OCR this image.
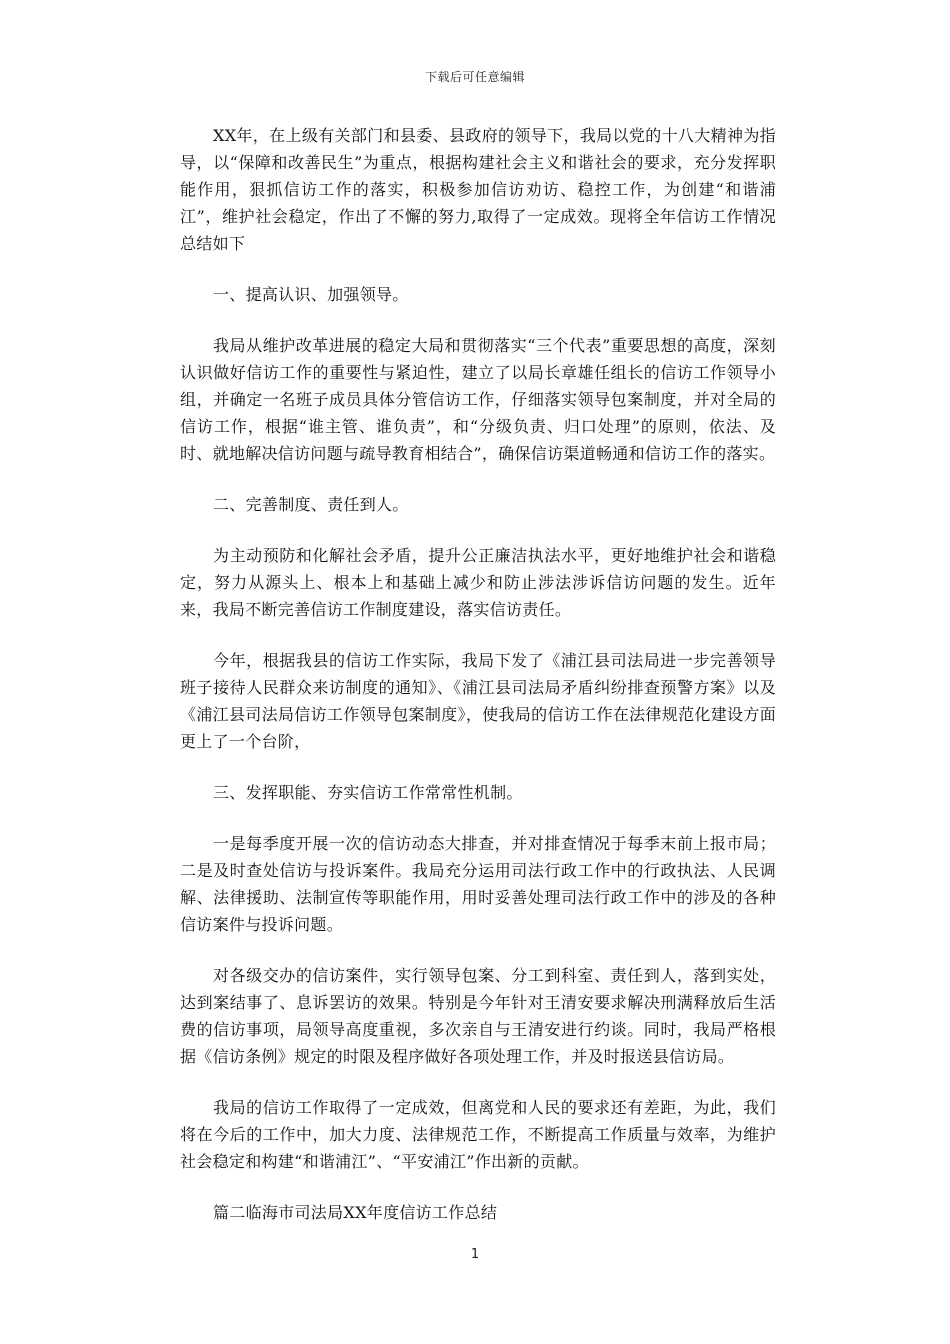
下载后可任意编辑

XX年，在上级有关部门和县委、县政府的领导下，我局以党的十八大精神为指导，以“保障和改善民生”为重点，根据构建社会主义和谐社会的要求，充分发挥职能作用，狠抓信访工作的落实，积极参加信访劝访、稳控工作，为创建“和谐浦江”，维护社会稳定，作出了不懈的努力,取得了一定成效。现将全年信访工作情况总结如下

一、提高认识、加强领导。

我局从维护改革进展的稳定大局和贯彻落实“三个代表”重要思想的高度，深刻认识做好信访工作的重要性与紧迫性，建立了以局长章雄任组长的信访工作领导小组，并确定一名班子成员具体分管信访工作，仔细落实领导包案制度，并对全局的信访工作，根据“谁主管、谁负责”，和“分级负责、归口处理”的原则，依法、及时、就地解决信访问题与疏导教育相结合”，确保信访渠道畅通和信访工作的落实。

二、完善制度、责任到人。

为主动预防和化解社会矛盾，提升公正廉洁执法水平，更好地维护社会和谐稳定，努力从源头上、根本上和基础上减少和防止涉法涉诉信访问题的发生。近年来，我局不断完善信访工作制度建设，落实信访责任。

今年，根据我县的信访工作实际，我局下发了《浦江县司法局进一步完善领导班子接待人民群众来访制度的通知》、《浦江县司法局矛盾纠纷排查预警方案》以及《浦江县司法局信访工作领导包案制度》，使我局的信访工作在法律规范化建设方面更上了一个台阶，

三、发挥职能、夯实信访工作常常性机制。

一是每季度开展一次的信访动态大排查，并对排查情况于每季末前上报市局；二是及时查处信访与投诉案件。我局充分运用司法行政工作中的行政执法、人民调解、法律援助、法制宣传等职能作用，用时妥善处理司法行政工作中的涉及的各种信访案件与投诉问题。

对各级交办的信访案件，实行领导包案、分工到科室、责任到人，落到实处，达到案结事了、息诉罢访的效果。特别是今年针对王清安要求解决刑满释放后生活费的信访事项，局领导高度重视，多次亲自与王清安进行约谈。同时，我局严格根据《信访条例》规定的时限及程序做好各项处理工作，并及时报送县信访局。

我局的信访工作取得了一定成效，但离党和人民的要求还有差距，为此，我们将在今后的工作中，加大力度、法律规范工作，不断提高工作质量与效率，为维护社会稳定和构建“和谐浦江”、“平安浦江”作出新的贡献。

篇二临海市司法局XX年度信访工作总结

1
